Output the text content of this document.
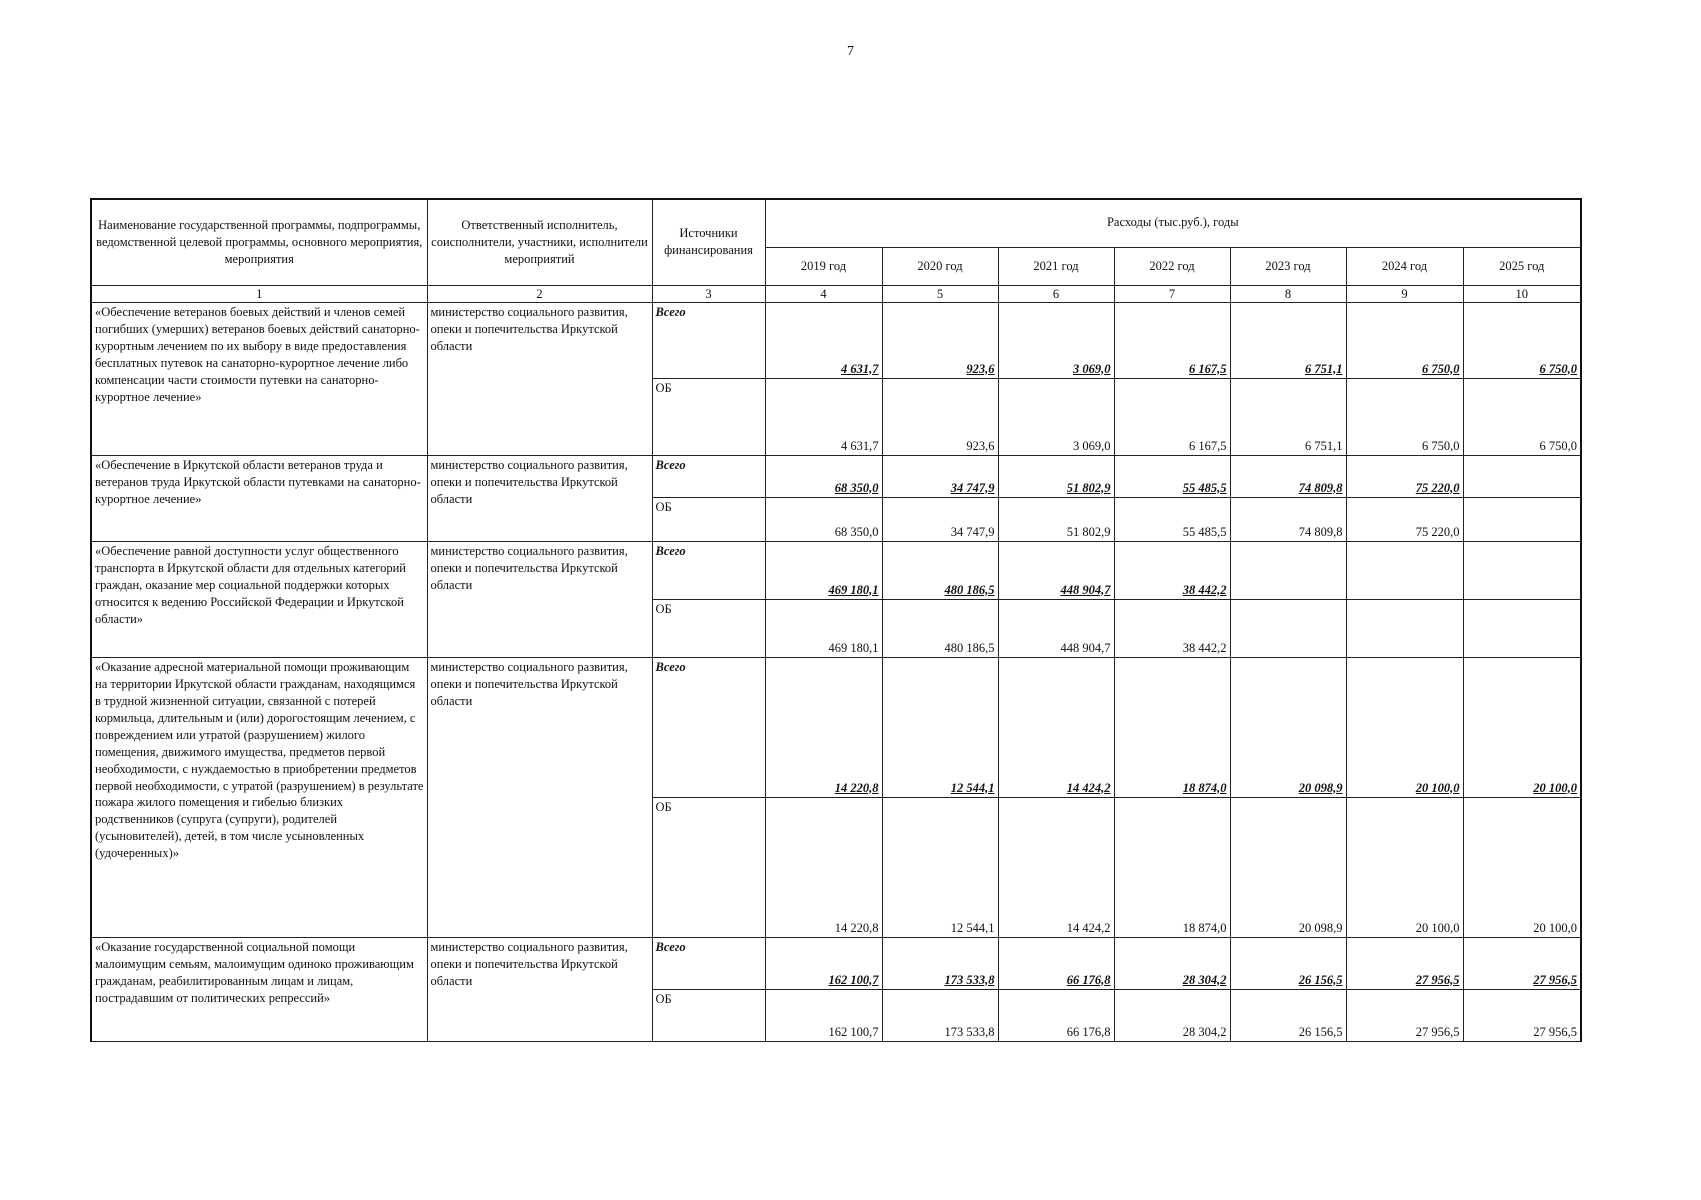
7
Наименование государственной программы, подпрограммы, ведомственной целевой программы, основного мероприятия, мероприятия	Ответственный исполнитель, соисполнители, участники, исполнители мероприятий	Источники финансирования	Расходы (тыс.руб.), годы						
			2019 год	2020 год	2021 год	2022 год	2023 год	2024 год	2025 год
1	2	3	4	5	6	7	8	9	10
«Обеспечение ветеранов боевых действий и членов семей погибших (умерших) ветеранов боевых действий санаторно-курортным лечением по их выбору в виде предоставления бесплатных путевок на санаторно-курортное лечение либо компенсации части стоимости путевки на санаторно-курортное лечение»	министерство социального развития, опеки и попечительства Иркутской области	Всего	4 631,7	923,6	3 069,0	6 167,5	6 751,1	6 750,0	6 750,0
		ОБ	4 631,7	923,6	3 069,0	6 167,5	6 751,1	6 750,0	6 750,0
«Обеспечение в Иркутской области ветеранов труда и ветеранов труда Иркутской области путевками на санаторно-курортное лечение»	министерство социального развития, опеки и попечительства Иркутской области	Всего	68 350,0	34 747,9	51 802,9	55 485,5	74 809,8	75 220,0	
		ОБ	68 350,0	34 747,9	51 802,9	55 485,5	74 809,8	75 220,0	
«Обеспечение равной доступности услуг общественного транспорта в Иркутской области для отдельных категорий граждан, оказание мер социальной поддержки которых относится к ведению Российской Федерации и Иркутской области»	министерство социального развития, опеки и попечительства Иркутской области	Всего	469 180,1	480 186,5	448 904,7	38 442,2			
		ОБ	469 180,1	480 186,5	448 904,7	38 442,2			
«Оказание адресной материальной помощи проживающим на территории Иркутской области гражданам, находящимся в трудной жизненной ситуации, связанной с потерей кормильца, длительным и (или) дорогостоящим лечением, с повреждением или утратой (разрушением) жилого помещения, движимого имущества, предметов первой необходимости, с нуждаемостью в приобретении предметов первой необходимости, с утратой (разрушением) в результате пожара жилого помещения и гибелью близких родственников (супруга (супруги), родителей (усыновителей), детей, в том числе усыновленных (удочеренных)»	министерство социального развития, опеки и попечительства Иркутской области	Всего	14 220,8	12 544,1	14 424,2	18 874,0	20 098,9	20 100,0	20 100,0
		ОБ	14 220,8	12 544,1	14 424,2	18 874,0	20 098,9	20 100,0	20 100,0
«Оказание государственной социальной помощи малоимущим семьям, малоимущим одиноко проживающим гражданам, реабилитированным лицам и лицам, пострадавшим от политических репрессий»	министерство социального развития, опеки и попечительства Иркутской области	Всего	162 100,7	173 533,8	66 176,8	28 304,2	26 156,5	27 956,5	27 956,5
		ОБ	162 100,7	173 533,8	66 176,8	28 304,2	26 156,5	27 956,5	27 956,5
